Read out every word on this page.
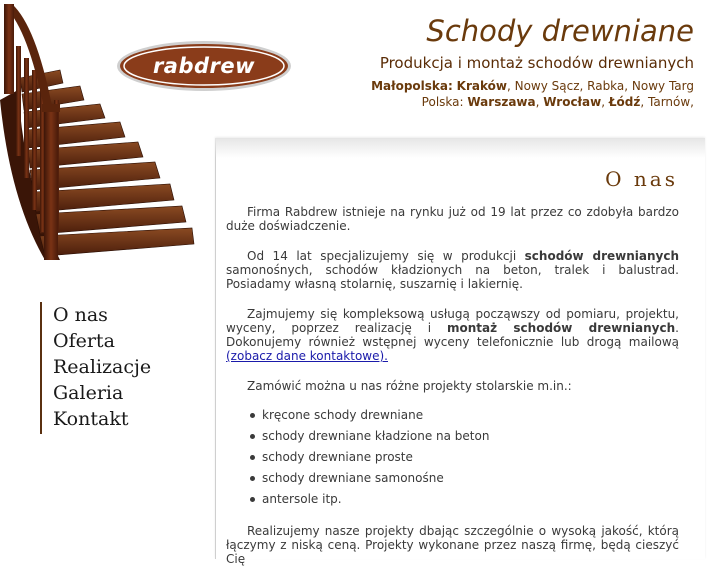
rabdrew
Schody drewniane
Produkcja i montaż schodów drewnianych
Małopolska: Kraków, Nowy Sącz, Rabka, Nowy Targ
Polska: Warszawa, Wrocław, Łódź, Tarnów,
O nas
Oferta
Realizacje
Galeria
Kontakt
O nas

Firma Rabdrew istnieje na rynku już od 19 lat przez co zdobyła bardzo duże doświadczenie.

Od 14 lat specjalizujemy się w produkcji schodów drewnianych samonośnych, schodów kładzionych na beton, tralek i balustrad. Posiadamy własną stolarnię, suszarnię i lakiernię.

Zajmujemy się kompleksową usługą począwszy od pomiaru, projektu, wyceny, poprzez realizację i montaż schodów drewnianych. Dokonujemy również wstępnej wyceny telefonicznie lub drogą mailową (zobacz dane kontaktowe).

Zamówić można u nas różne projekty stolarskie m.in.:

kręcone schody drewniane
schody drewniane kładzione na beton
schody drewniane proste
schody drewniane samonośne
antersole itp.

Realizujemy nasze projekty dbając szczególnie o wysoką jakość, którą łączymy z niską ceną. Projekty wykonane przez naszą firmę, będą cieszyć Cię
